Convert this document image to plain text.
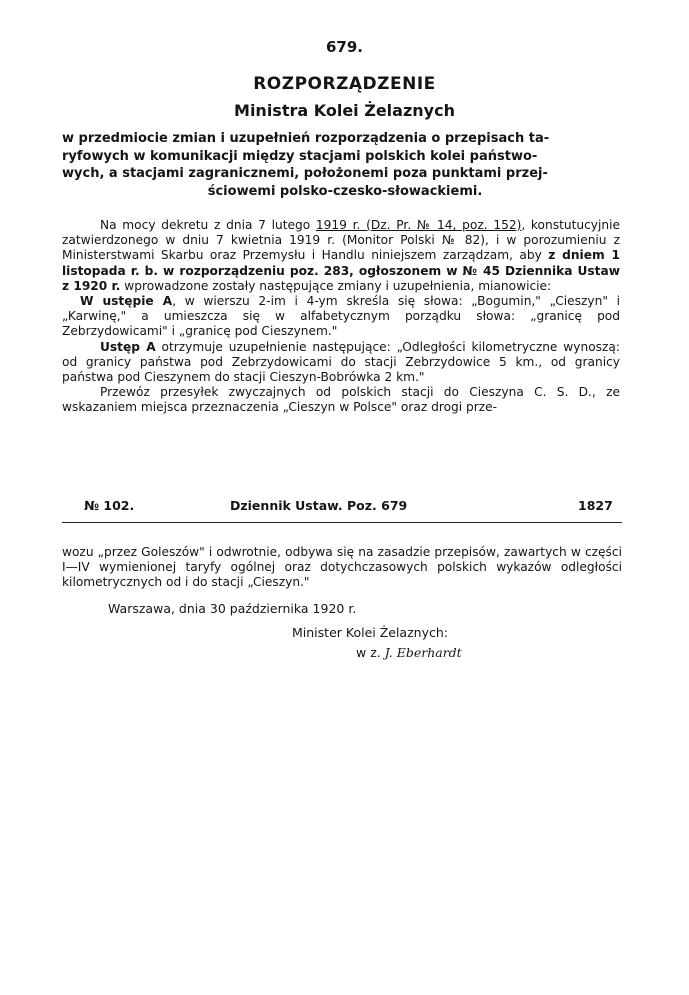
679.
ROZPORZĄDZENIE
Ministra Kolei Żelaznych
w przedmiocie zmian i uzupełnień rozporządzenia o przepisach ta-
ryfowych w komunikacji między stacjami polskich kolei państwo-
wych, a stacjami zagranicznemi, położonemi poza punktami przej-
ściowemi polsko-czesko-słowackiemi.

Na mocy dekretu z dnia 7 lutego 1919 r. (Dz. Pr. № 14, poz. 152), konstutucyjnie zatwierdzonego w dniu 7 kwietnia 1919 r. (Monitor Polski № 82), i w porozumieniu z Ministerstwami Skarbu oraz Przemysłu i Handlu niniejszem zarządzam, aby z dniem 1 listopada r. b. w rozporządzeniu poz. 283, ogłoszonem w № 45 Dziennika Ustaw z 1920 r. wprowadzone zostały następujące zmiany i uzupełnienia, mianowicie:

W ustępie A, w wierszu 2-im i 4-ym skreśla się słowa: „Bogumin," „Cieszyn" i „Karwinę," a umieszcza się w alfabetycznym porządku słowa: „granicę pod Zebrzydowicami" i „granicę pod Cieszynem."

Ustęp A otrzymuje uzupełnienie następujące: „Odległości kilometryczne wynoszą: od granicy państwa pod Zebrzydowicami do stacji Zebrzydowice 5 km., od granicy państwa pod Cieszynem do stacji Cieszyn-Bobrówka 2 km."

Przewóz przesyłek zwyczajnych od polskich stacji do Cieszyna C. S. D., ze wskazaniem miejsca przeznaczenia „Cieszyn w Polsce" oraz drogi prze-

№ 102.	Dziennik Ustaw. Poz. 679	1827

wozu „przez Goleszów" i odwrotnie, odbywa się na zasadzie przepisów, zawartych w części I—IV wymienionej taryfy ogólnej oraz dotychczasowych polskich wykazów odległości kilometrycznych od i do stacji „Cieszyn."

Warszawa, dnia 30 października 1920 r.
Minister Kolei Żelaznych:
w z. J. Eberhardt
